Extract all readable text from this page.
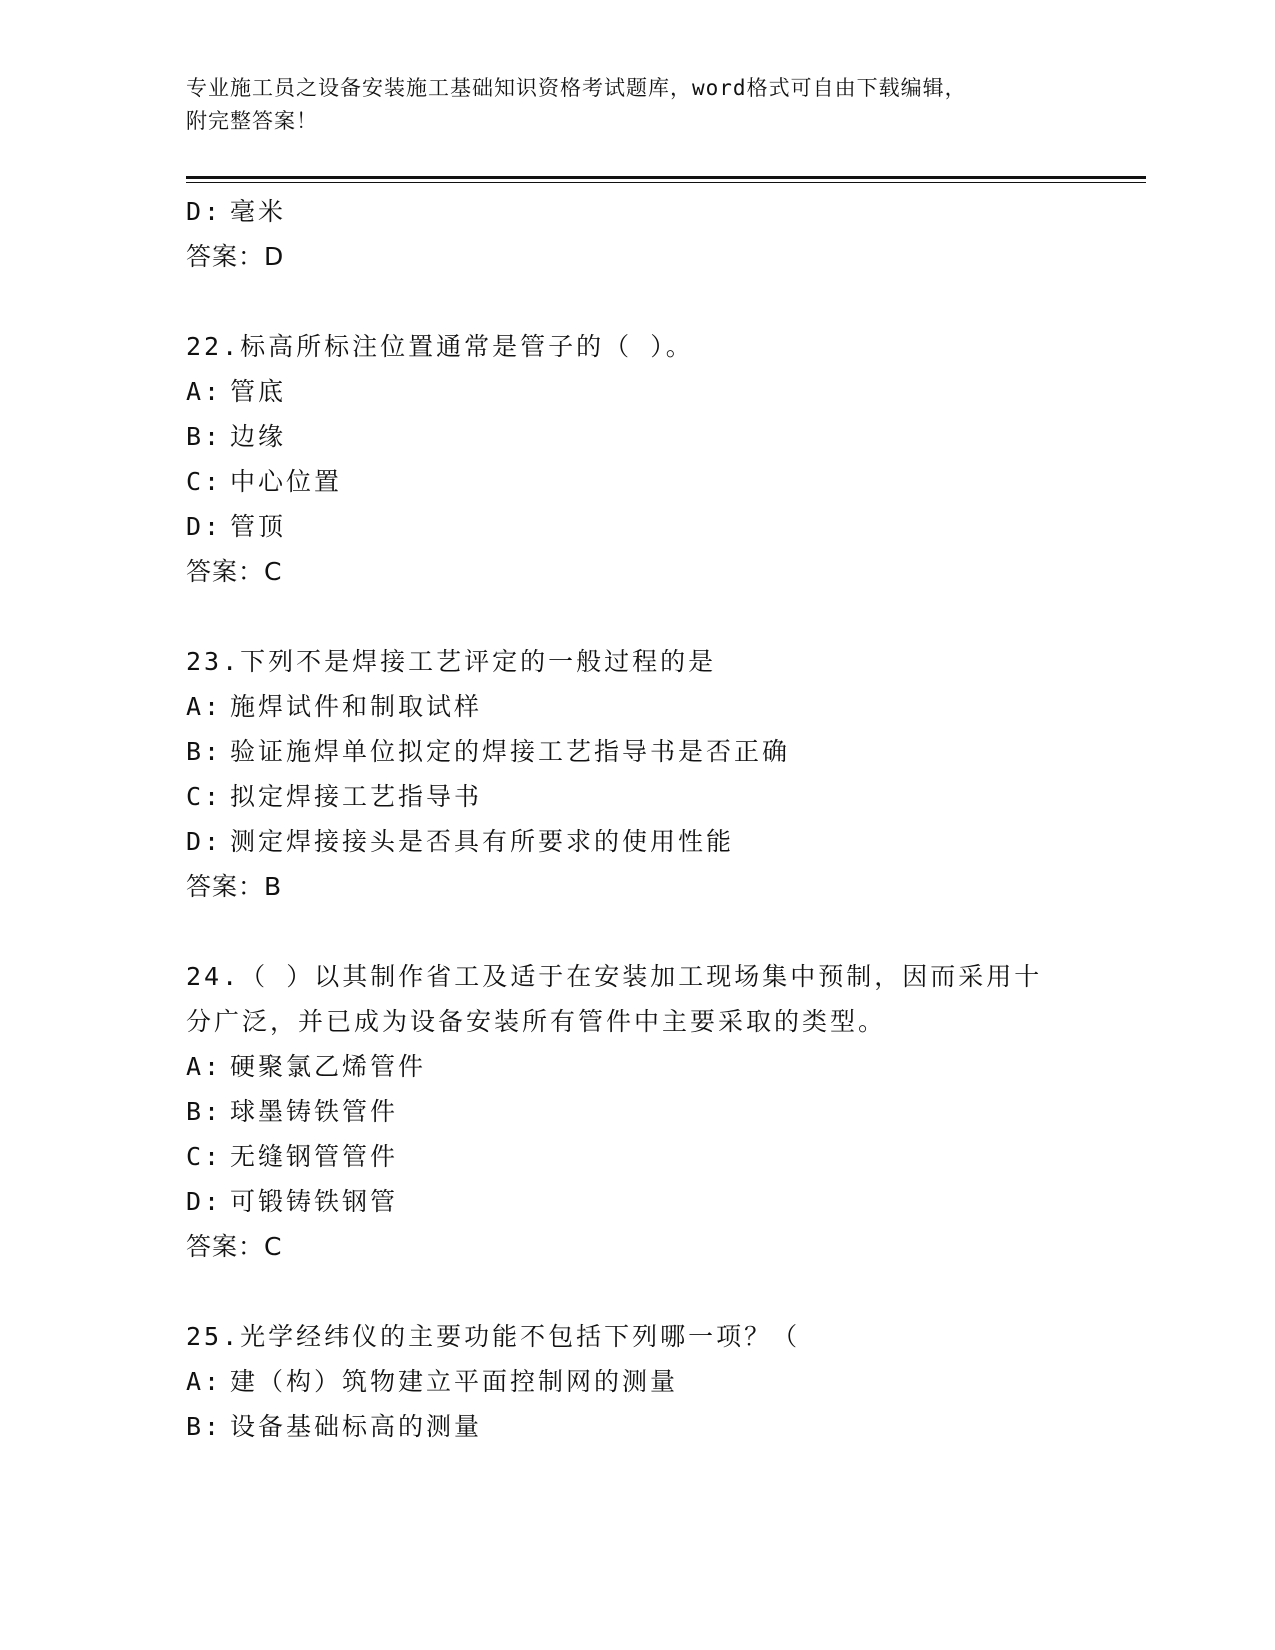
专业施工员之设备安装施工基础知识资格考试题库，word格式可自由下载编辑，
附完整答案！
D: 毫米
答案：D
22.标高所标注位置通常是管子的（ ）。
A: 管底
B: 边缘
C: 中心位置
D: 管顶
答案：C
23.下列不是焊接工艺评定的一般过程的是
A: 施焊试件和制取试样
B: 验证施焊单位拟定的焊接工艺指导书是否正确
C: 拟定焊接工艺指导书
D: 测定焊接接头是否具有所要求的使用性能
答案：B
24.（ ）以其制作省工及适于在安装加工现场集中预制，因而采用十
分广泛，并已成为设备安装所有管件中主要采取的类型。
A: 硬聚氯乙烯管件
B: 球墨铸铁管件
C: 无缝钢管管件
D: 可锻铸铁钢管
答案：C
25.光学经纬仪的主要功能不包括下列哪一项？（
A: 建（构）筑物建立平面控制网的测量
B: 设备基础标高的测量
